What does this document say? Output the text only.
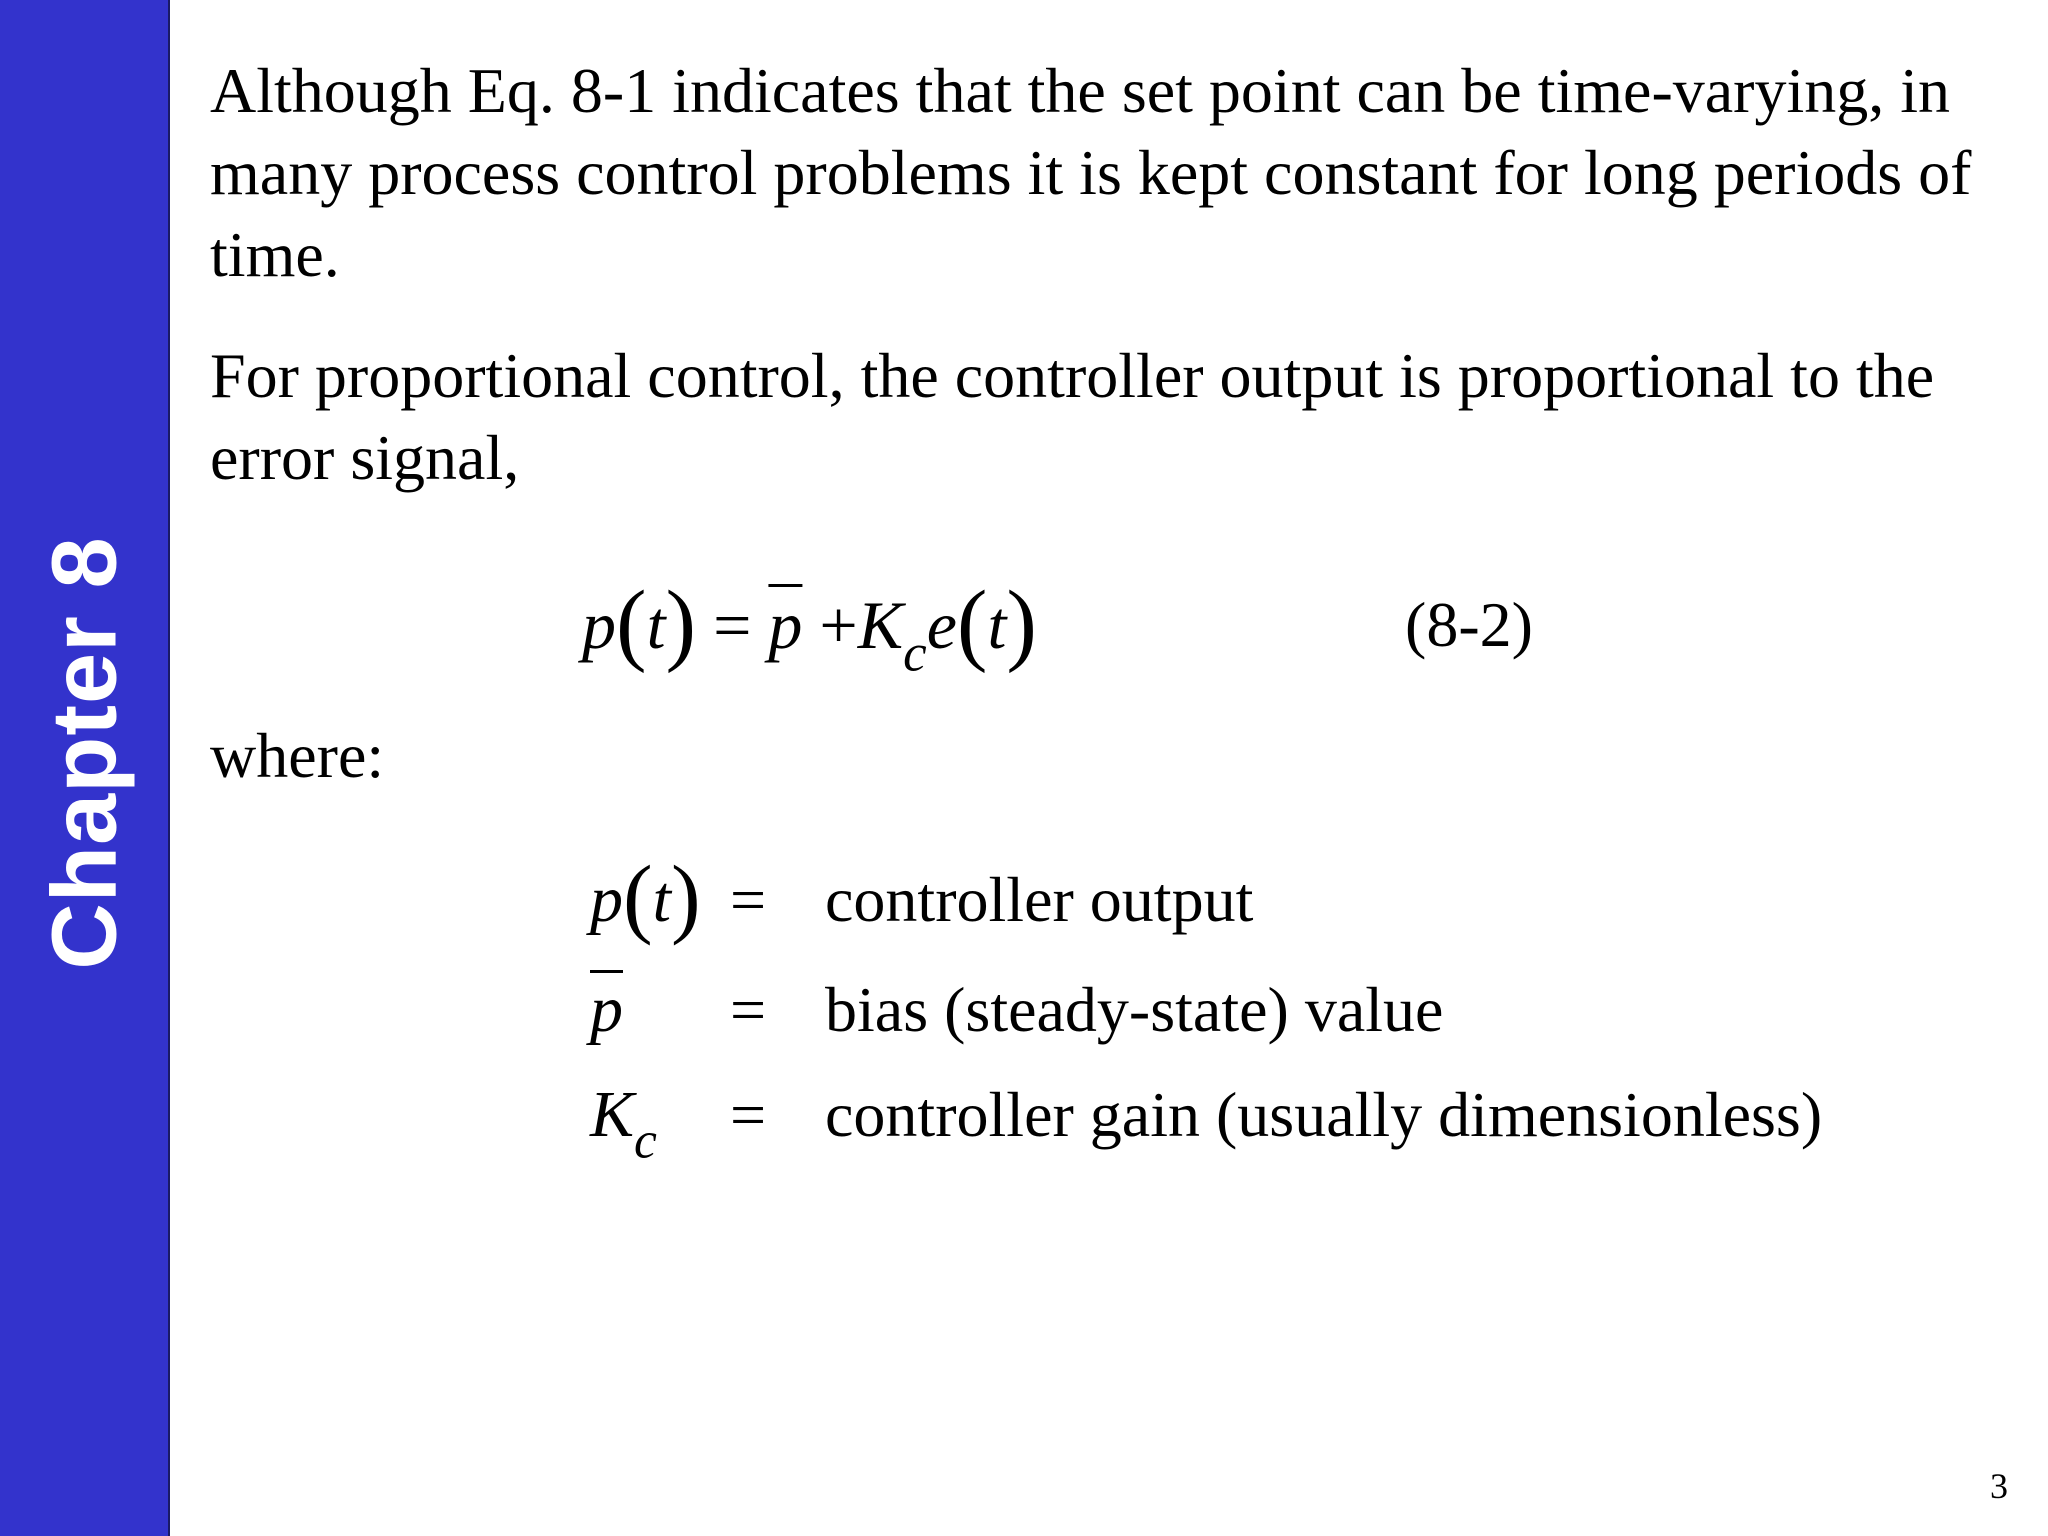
Chapter 8

Although Eq. 8-1 indicates that the set point can be time-varying, in many process control problems it is kept constant for long periods of time.

For proportional control, the controller output is proportional to the error signal,

$p(t) = \overline{p} +K_ce(t)$	(8-2)

where:

p(t) = controller output
$\overline{p}$ = bias (steady-state) value
$K_c$ = controller gain (usually dimensionless)
3
